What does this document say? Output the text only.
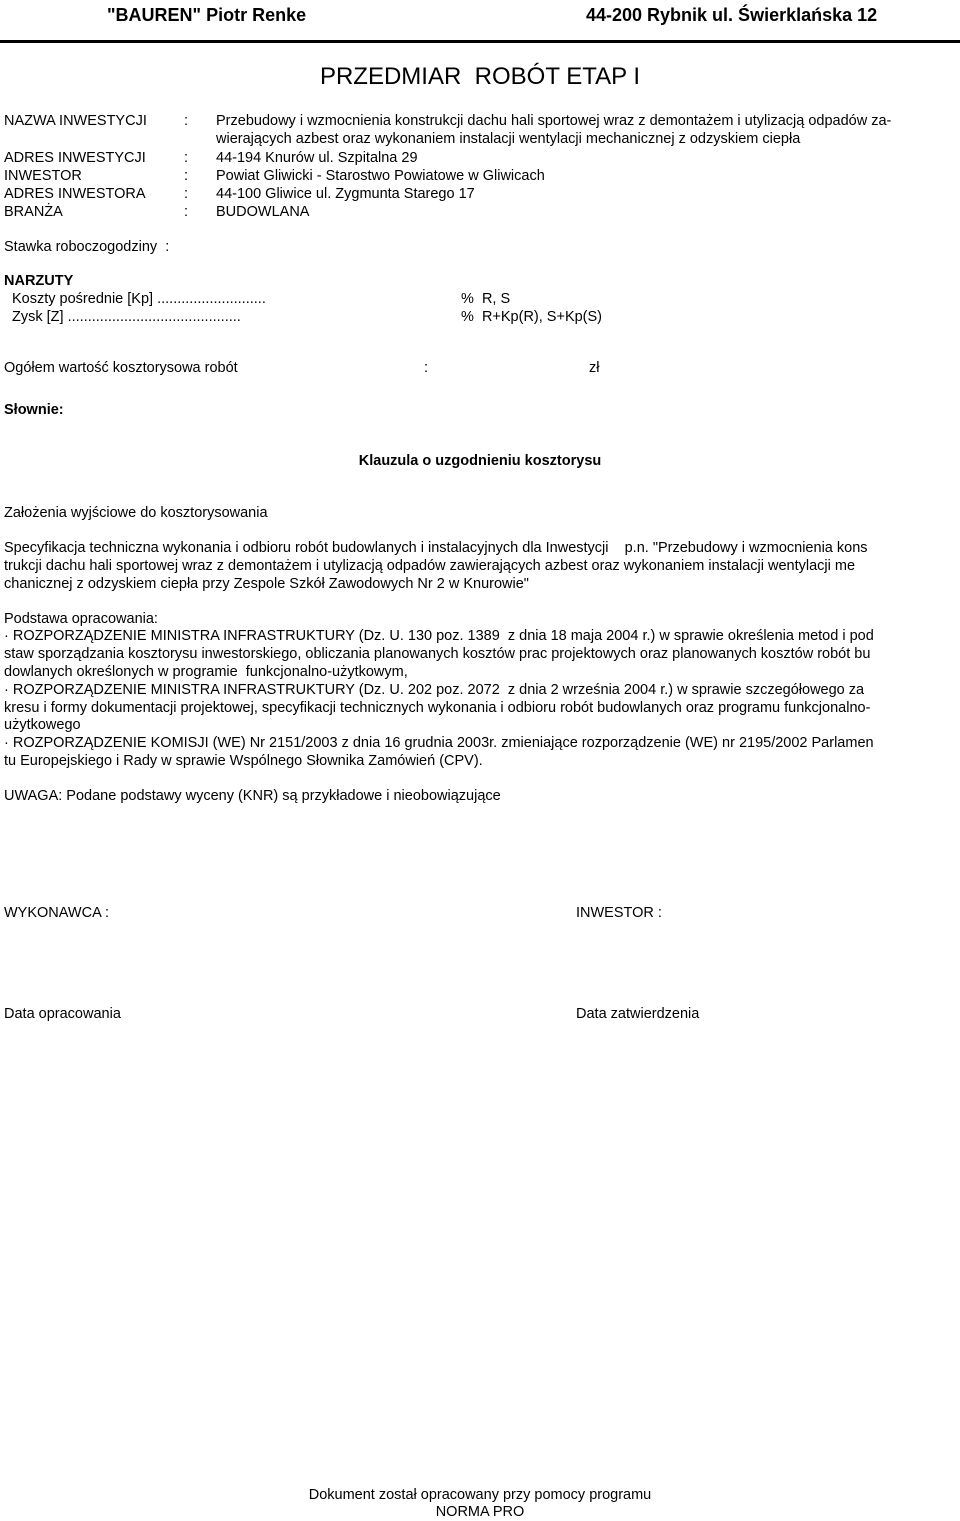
"BAUREN" Piotr Renke	44-200 Rybnik ul. Świerklańska 12
PRZEDMIAR  ROBÓT ETAP I
NAZWA INWESTYCJI	: Przebudowy i wzmocnienia konstrukcji dachu hali sportowej wraz z demontażem i utylizacją odpadów za-
wierających azbest oraz wykonaniem instalacji wentylacji mechanicznej z odzyskiem ciepła
ADRES INWESTYCJI	: 44-194 Knurów ul. Szpitalna 29
INWESTOR	: Powiat Gliwicki - Starostwo Powiatowe w Gliwicach
ADRES INWESTORA	: 44-100 Gliwice ul. Zygmunta Starego 17
BRANŻA	: BUDOWLANA
Stawka roboczogodziny  :
NARZUTY
Koszty pośrednie [Kp] ...........................	%  R, S
Zysk [Z] ...........................................	%  R+Kp(R), S+Kp(S)
Ogółem wartość kosztorysowa robót	:	zł
Słownie:
Klauzula o uzgodnieniu kosztorysu
Założenia wyjściowe do kosztorysowania
Specyfikacja techniczna wykonania i odbioru robót budowlanych i instalacyjnych dla Inwestycji    p.n. "Przebudowy i wzmocnienia kons
trukcji dachu hali sportowej wraz z demontażem i utylizacją odpadów zawierających azbest oraz wykonaniem instalacji wentylacji me
chanicznej z odzyskiem ciepła przy Zespole Szkół Zawodowych Nr 2 w Knurowie"
Podstawa opracowania:
· ROZPORZĄDZENIE MINISTRA INFRASTRUKTURY (Dz. U. 130 poz. 1389  z dnia 18 maja 2004 r.) w sprawie określenia metod i pod
staw sporządzania kosztorysu inwestorskiego, obliczania planowanych kosztów prac projektowych oraz planowanych kosztów robót bu
dowlanych określonych w programie  funkcjonalno-użytkowym,
· ROZPORZĄDZENIE MINISTRA INFRASTRUKTURY (Dz. U. 202 poz. 2072  z dnia 2 września 2004 r.) w sprawie szczegółowego za
kresu i formy dokumentacji projektowej, specyfikacji technicznych wykonania i odbioru robót budowlanych oraz programu funkcjonalno-
użytkowego
· ROZPORZĄDZENIE KOMISJI (WE) Nr 2151/2003 z dnia 16 grudnia 2003r. zmieniające rozporządzenie (WE) nr 2195/2002 Parlamen
tu Europejskiego i Rady w sprawie Wspólnego Słownika Zamówień (CPV).
UWAGA: Podane podstawy wyceny (KNR) są przykładowe i nieobowiązujące
WYKONAWCA :	INWESTOR :
Data opracowania	Data zatwierdzenia
Dokument został opracowany przy pomocy programu
NORMA PRO
